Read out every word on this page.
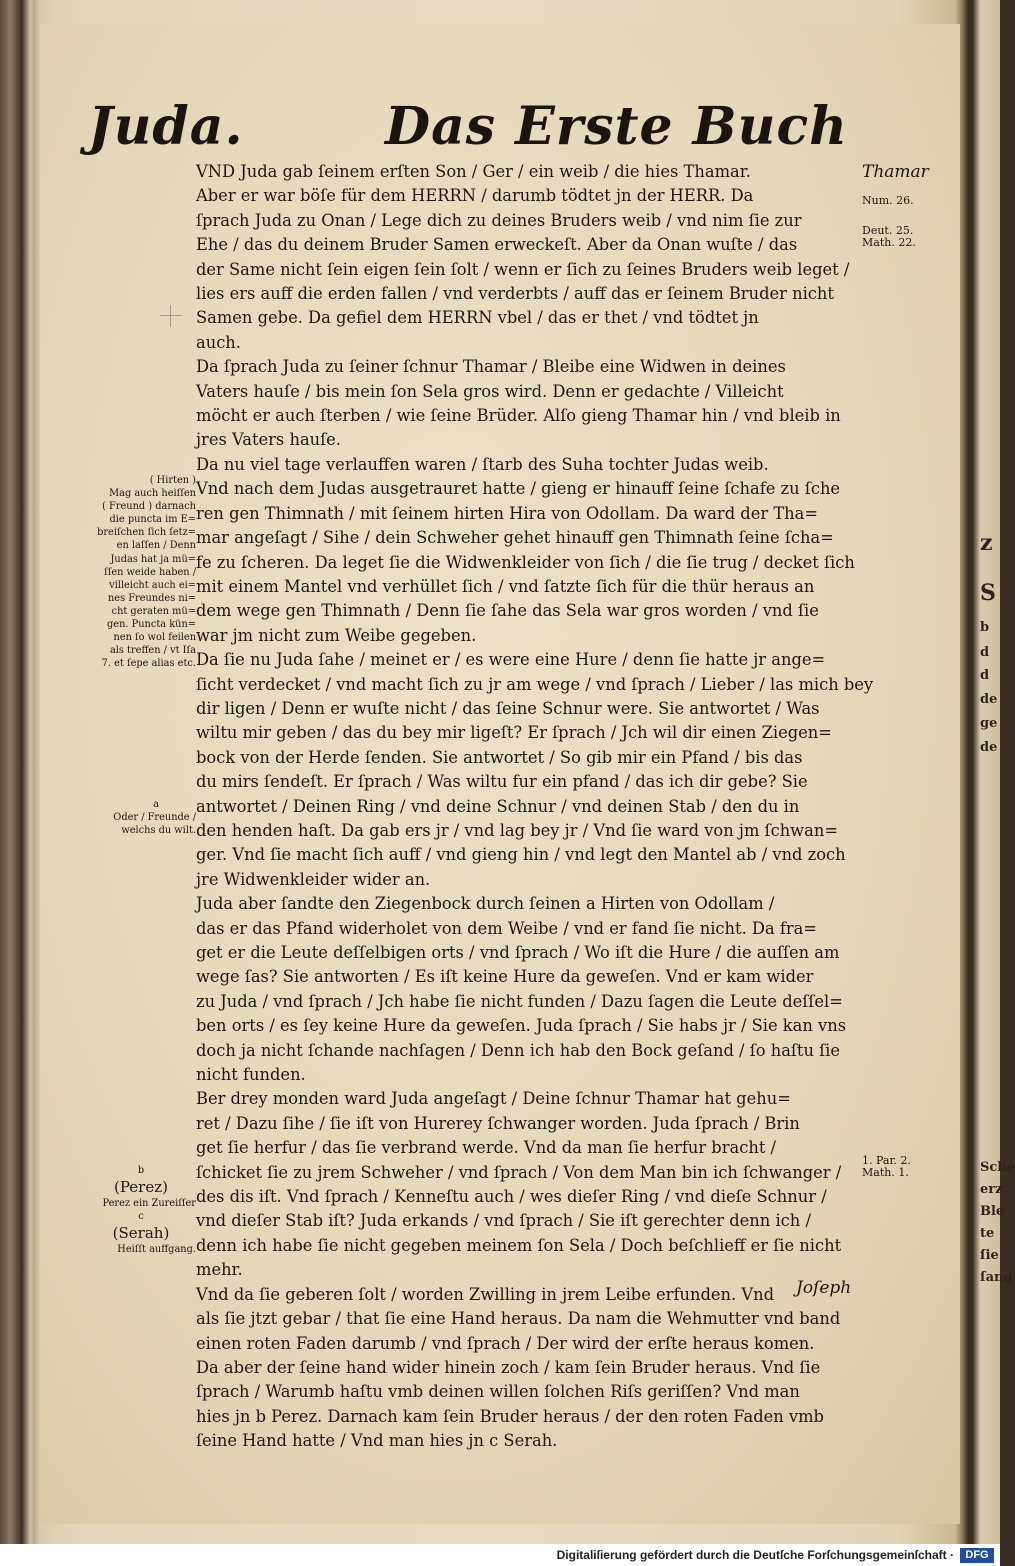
Juda.	Das Erste Buch
Thamar
Num. 26.
Deut. 25.
Math. 22.
1. Par. 2.
Math. 1.
( Hirten )
Mag auch heiſſen
( Freund ) darnach
die puncta im E=
breiſchen ſich ſetz=
en laſſen / Denn
Judas hat ja mü=
ſſen weide haben /
villeicht auch ei=
nes Freundes ni=
cht geraten mü=
gen. Puncta kün=
nen ſo wol feilen
als treffen / vt Iſa
7. et ſepe alias etc.
a
Oder / Freunde /
welchs du wilt.
b
(Perez)
Perez ein Zureiſſer
c
(Serah)
Heiſſt auffgang.
VND Juda gab ſeinem erſten Son / Ger / ein weib / die hies Thamar.
Aber er war böſe für dem HERRN / darumb tödtet jn der HERR. Da
ſprach Juda zu Onan / Lege dich zu deines Bruders weib / vnd nim ſie zur
Ehe / das du deinem Bruder Samen erweckeſt. Aber da Onan wuſte / das
der Same nicht ſein eigen ſein ſolt / wenn er ſich zu ſeines Bruders weib leget /
lies ers auff die erden fallen / vnd verderbts / auff das er ſeinem Bruder nicht
Samen gebe. Da gefiel dem HERRN vbel / das er thet / vnd tödtet jn
auch.
Da ſprach Juda zu ſeiner ſchnur Thamar / Bleibe eine Widwen in deines
Vaters hauſe / bis mein ſon Sela gros wird. Denn er gedachte / Villeicht
möcht er auch ſterben / wie ſeine Brüder. Alſo gieng Thamar hin / vnd bleib in
jres Vaters hauſe.
Da nu viel tage verlauffen waren / ſtarb des Suha tochter Judas weib.
Vnd nach dem Judas ausgetrauret hatte / gieng er hinauff ſeine ſchafe zu ſche
ren gen Thimnath / mit ſeinem hirten Hira von Odollam. Da ward der Tha=
mar angeſagt / Sihe / dein Schweher gehet hinauff gen Thimnath ſeine ſcha=
fe zu ſcheren. Da leget ſie die Widwenkleider von ſich / die ſie trug / decket ſich
mit einem Mantel vnd verhüllet ſich / vnd ſatzte ſich für die thür heraus an
dem wege gen Thimnath / Denn ſie ſahe das Sela war gros worden / vnd ſie
war jm nicht zum Weibe gegeben.
Da ſie nu Juda ſahe / meinet er / es were eine Hure / denn ſie hatte jr ange=
ſicht verdecket / vnd macht ſich zu jr am wege / vnd ſprach / Lieber / las mich bey
dir ligen / Denn er wuſte nicht / das ſeine Schnur were. Sie antwortet / Was
wiltu mir geben / das du bey mir ligeſt? Er ſprach / Jch wil dir einen Ziegen=
bock von der Herde ſenden. Sie antwortet / So gib mir ein Pfand / bis das
du mirs ſendeſt. Er ſprach / Was wiltu fur ein pfand / das ich dir gebe? Sie
antwortet / Deinen Ring / vnd deine Schnur / vnd deinen Stab / den du in
den henden haſt. Da gab ers jr / vnd lag bey jr / Vnd ſie ward von jm ſchwan=
ger. Vnd ſie macht ſich auff / vnd gieng hin / vnd legt den Mantel ab / vnd zoch
jre Widwenkleider wider an.
Juda aber ſandte den Ziegenbock durch ſeinen a Hirten von Odollam /
das er das Pfand widerholet von dem Weibe / vnd er fand ſie nicht. Da fra=
get er die Leute deſſelbigen orts / vnd ſprach / Wo iſt die Hure / die auſſen am
wege ſas? Sie antworten / Es iſt keine Hure da geweſen. Vnd er kam wider
zu Juda / vnd ſprach / Jch habe ſie nicht funden / Dazu ſagen die Leute deſſel=
ben orts / es ſey keine Hure da geweſen. Juda ſprach / Sie habs jr / Sie kan vns
doch ja nicht ſchande nachſagen / Denn ich hab den Bock geſand / ſo haſtu ſie
nicht funden.
Ber drey monden ward Juda angeſagt / Deine ſchnur Thamar hat gehu=
ret / Dazu ſihe / ſie iſt von Hurerey ſchwanger worden. Juda ſprach / Brin
get ſie herfur / das ſie verbrand werde. Vnd da man ſie herfur bracht /
ſchicket ſie zu jrem Schweher / vnd ſprach / Von dem Man bin ich ſchwanger /
des dis iſt. Vnd ſprach / Kenneſtu auch / wes dieſer Ring / vnd dieſe Schnur /
vnd dieſer Stab iſt? Juda erkands / vnd ſprach / Sie iſt gerechter denn ich /
denn ich habe ſie nicht gegeben meinem ſon Sela / Doch beſchlieff er ſie nicht
mehr.
Vnd da ſie geberen ſolt / worden Zwilling in jrem Leibe erfunden. Vnd
als ſie jtzt gebar / that ſie eine Hand heraus. Da nam die Wehmutter vnd band
einen roten Faden darumb / vnd ſprach / Der wird der erſte heraus komen.
Da aber der ſeine hand wider hinein zoch / kam ſein Bruder heraus. Vnd ſie
ſprach / Warumb haſtu vmb deinen willen ſolchen Riſs geriſſen? Vnd man
hies jn b Perez. Darnach kam ſein Bruder heraus / der den roten Faden vmb
ſeine Hand hatte / Vnd man hies jn c Serah.
Joſeph
z
S
b
d
d
de
ge
de
Sche
erz
Ble
te
ſie
ſang
Digitaliſierung gefördert durch die Deutſche Forſchungsgemeinſchaft ·	DFG
